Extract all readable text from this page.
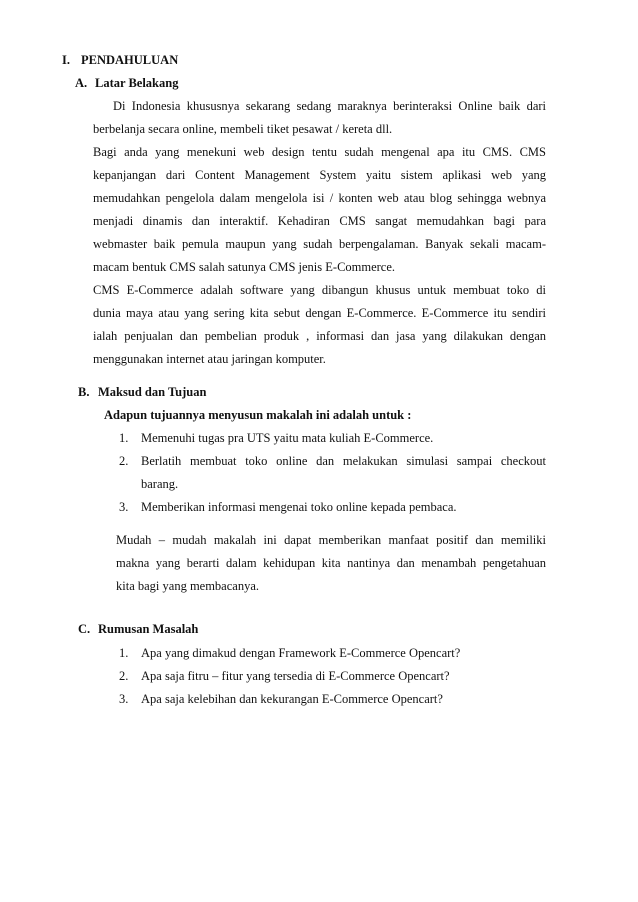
I. PENDAHULUAN
A. Latar Belakang
Di Indonesia khususnya sekarang sedang maraknya berinteraksi Online baik dari
berbelanja secara online, membeli tiket pesawat / kereta dll.
Bagi anda yang menekuni web design tentu sudah mengenal apa itu CMS. CMS
kepanjangan dari Content Management System yaitu sistem aplikasi web yang
memudahkan pengelola dalam mengelola isi / konten web atau blog sehingga webnya
menjadi dinamis dan interaktif. Kehadiran CMS sangat memudahkan bagi para
webmaster baik pemula maupun yang sudah berpengalaman. Banyak sekali macam-
macam bentuk CMS salah satunya CMS jenis E-Commerce.
CMS E-Commerce adalah software yang dibangun khusus untuk membuat toko di
dunia maya atau yang sering kita sebut dengan E-Commerce. E-Commerce itu sendiri
ialah penjualan dan pembelian produk , informasi dan jasa yang dilakukan dengan
menggunakan internet atau jaringan komputer.
B. Maksud dan Tujuan
Adapun tujuannya menyusun makalah ini adalah untuk :
1. Memenuhi tugas pra UTS yaitu mata kuliah E-Commerce.
2. Berlatih membuat toko online dan melakukan simulasi sampai checkout
barang.
3. Memberikan informasi mengenai toko online kepada pembaca.
Mudah – mudah makalah ini dapat memberikan manfaat positif dan memiliki
makna yang berarti dalam kehidupan kita nantinya dan menambah pengetahuan
kita bagi yang membacanya.
C. Rumusan Masalah
1. Apa yang dimakud dengan Framework E-Commerce Opencart?
2. Apa saja fitru – fitur yang tersedia di E-Commerce Opencart?
3. Apa saja kelebihan dan kekurangan E-Commerce Opencart?
